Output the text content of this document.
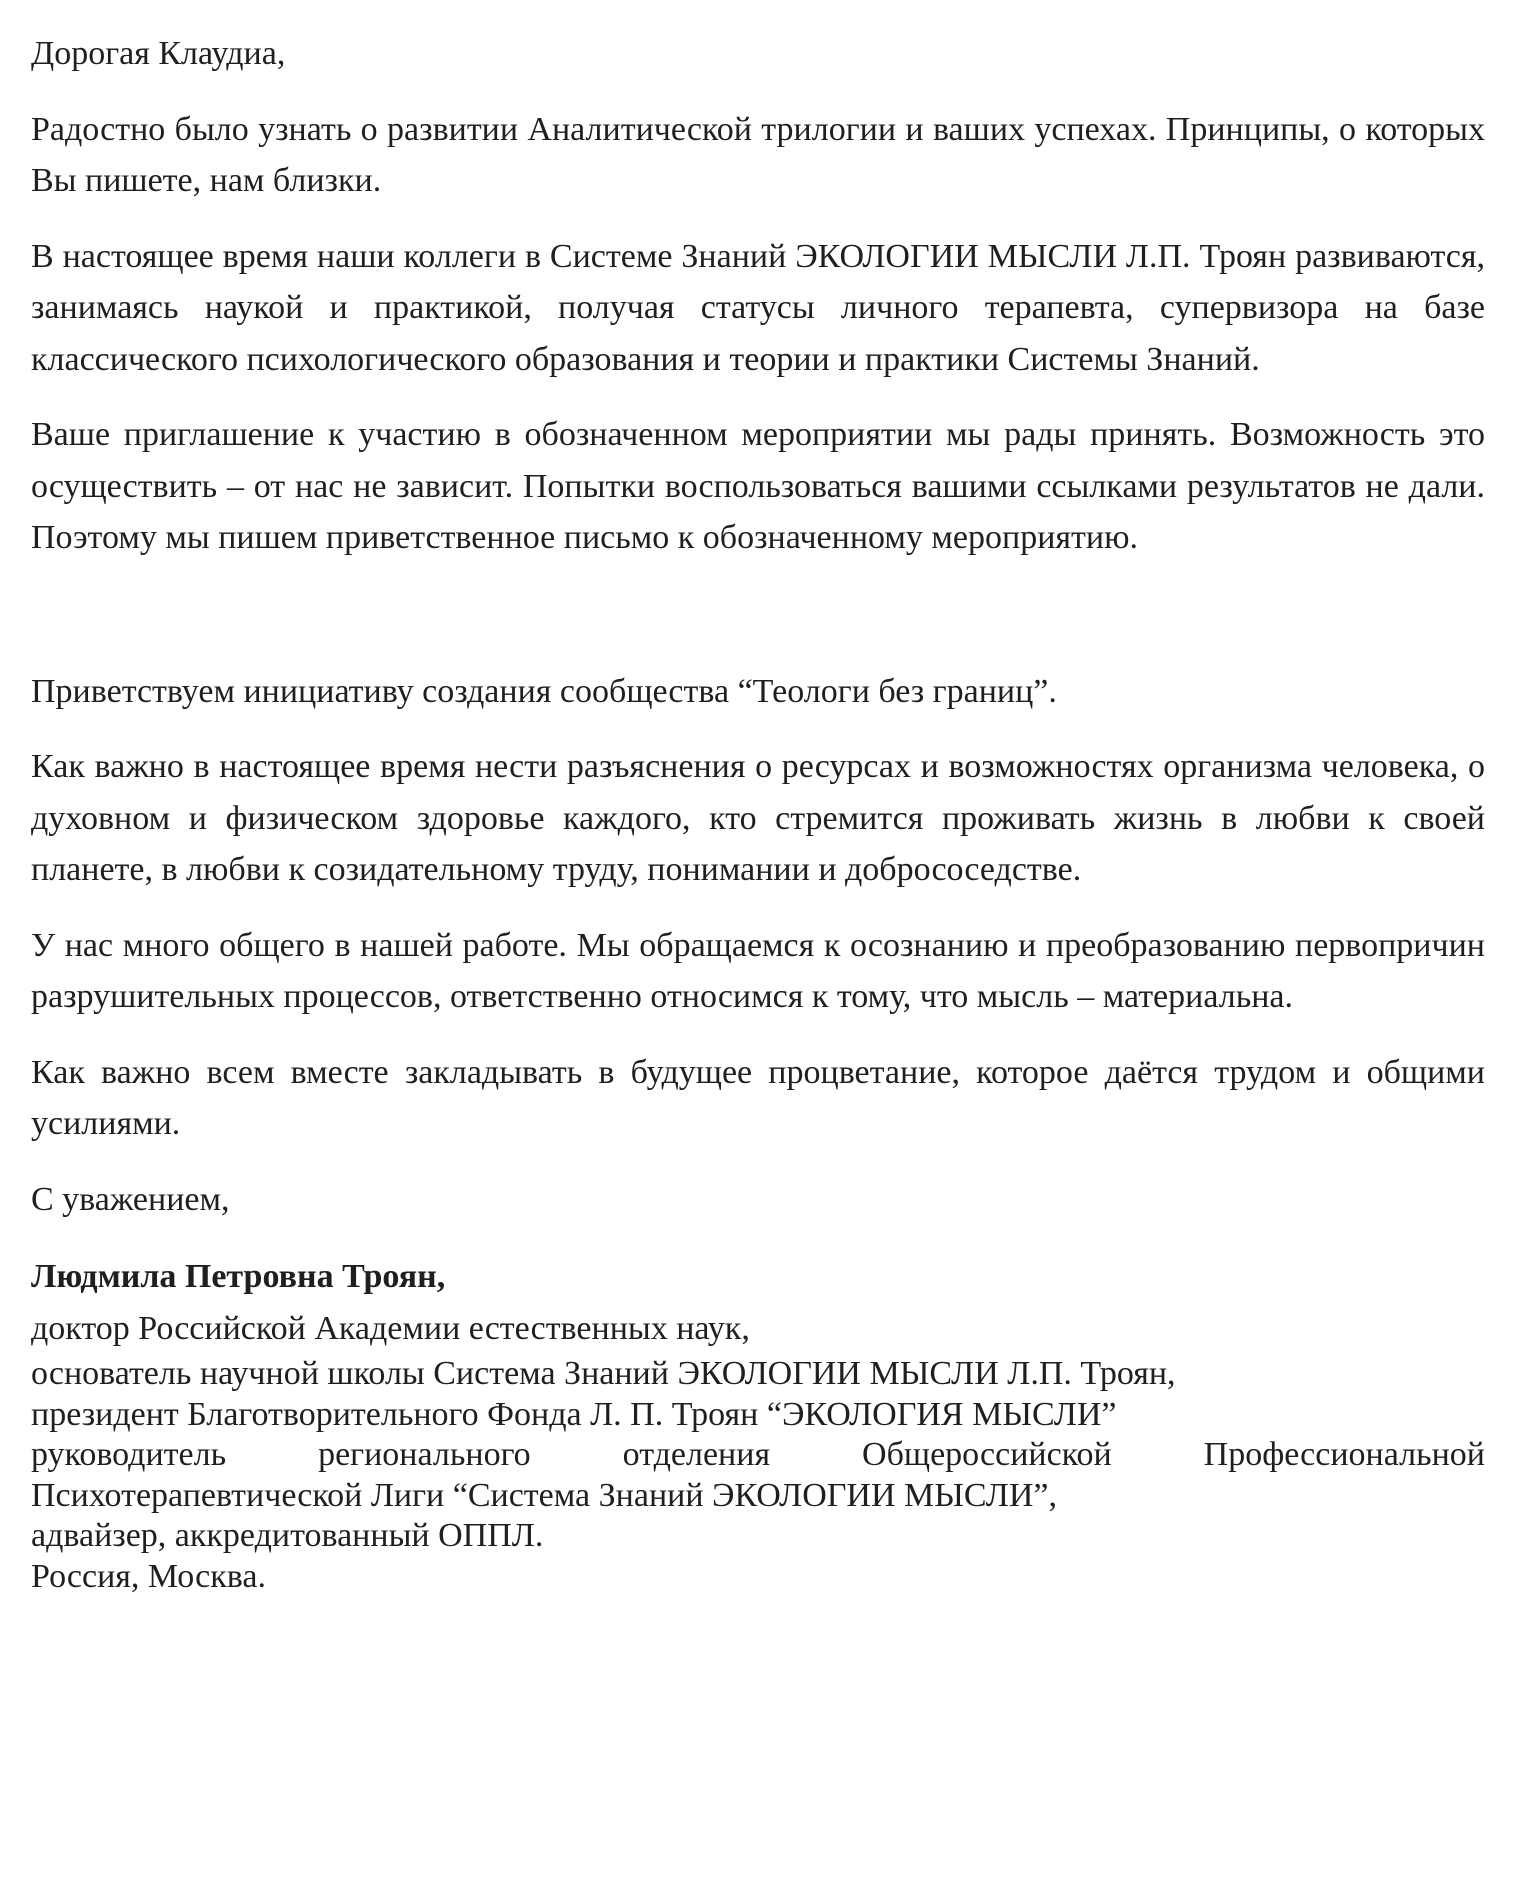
Дорогая Клаудиа,

Радостно было узнать о развитии Аналитической трилогии и ваших успехах. Принципы, о которых Вы пишете, нам близки.

В настоящее время наши коллеги в Системе Знаний ЭКОЛОГИИ МЫСЛИ Л.П. Троян развиваются, занимаясь наукой и практикой, получая статусы личного терапевта, супервизора на базе классического психологического образования и теории и практики Системы Знаний.

Ваше приглашение к участию в обозначенном мероприятии мы рады принять. Возможность это осуществить – от нас не зависит. Попытки воспользоваться вашими ссылками результатов не дали. Поэтому мы пишем приветственное письмо к обозначенному мероприятию.

Приветствуем инициативу создания сообщества “Теологи без границ”.

Как важно в настоящее время нести разъяснения о ресурсах и возможностях организма человека, о духовном и физическом здоровье каждого, кто стремится проживать жизнь в любви к своей планете, в любви к созидательному труду, понимании и добрососедстве.

У нас много общего в нашей работе. Мы обращаемся к осознанию и преобразованию первопричин разрушительных процессов, ответственно относимся к тому, что мысль – материальна.

Как важно всем вместе закладывать в будущее процветание, которое даётся трудом и общими усилиями.

С уважением,

Людмила Петровна Троян,

доктор Российской Академии естественных наук,

основатель научной школы Система Знаний ЭКОЛОГИИ МЫСЛИ Л.П. Троян,

президент Благотворительного Фонда Л. П. Троян “ЭКОЛОГИЯ МЫСЛИ”

руководитель регионального отделения Общероссийской Профессиональной

Психотерапевтической Лиги “Система Знаний ЭКОЛОГИИ МЫСЛИ”,

адвайзер, аккредитованный ОППЛ.

Россия, Москва.
